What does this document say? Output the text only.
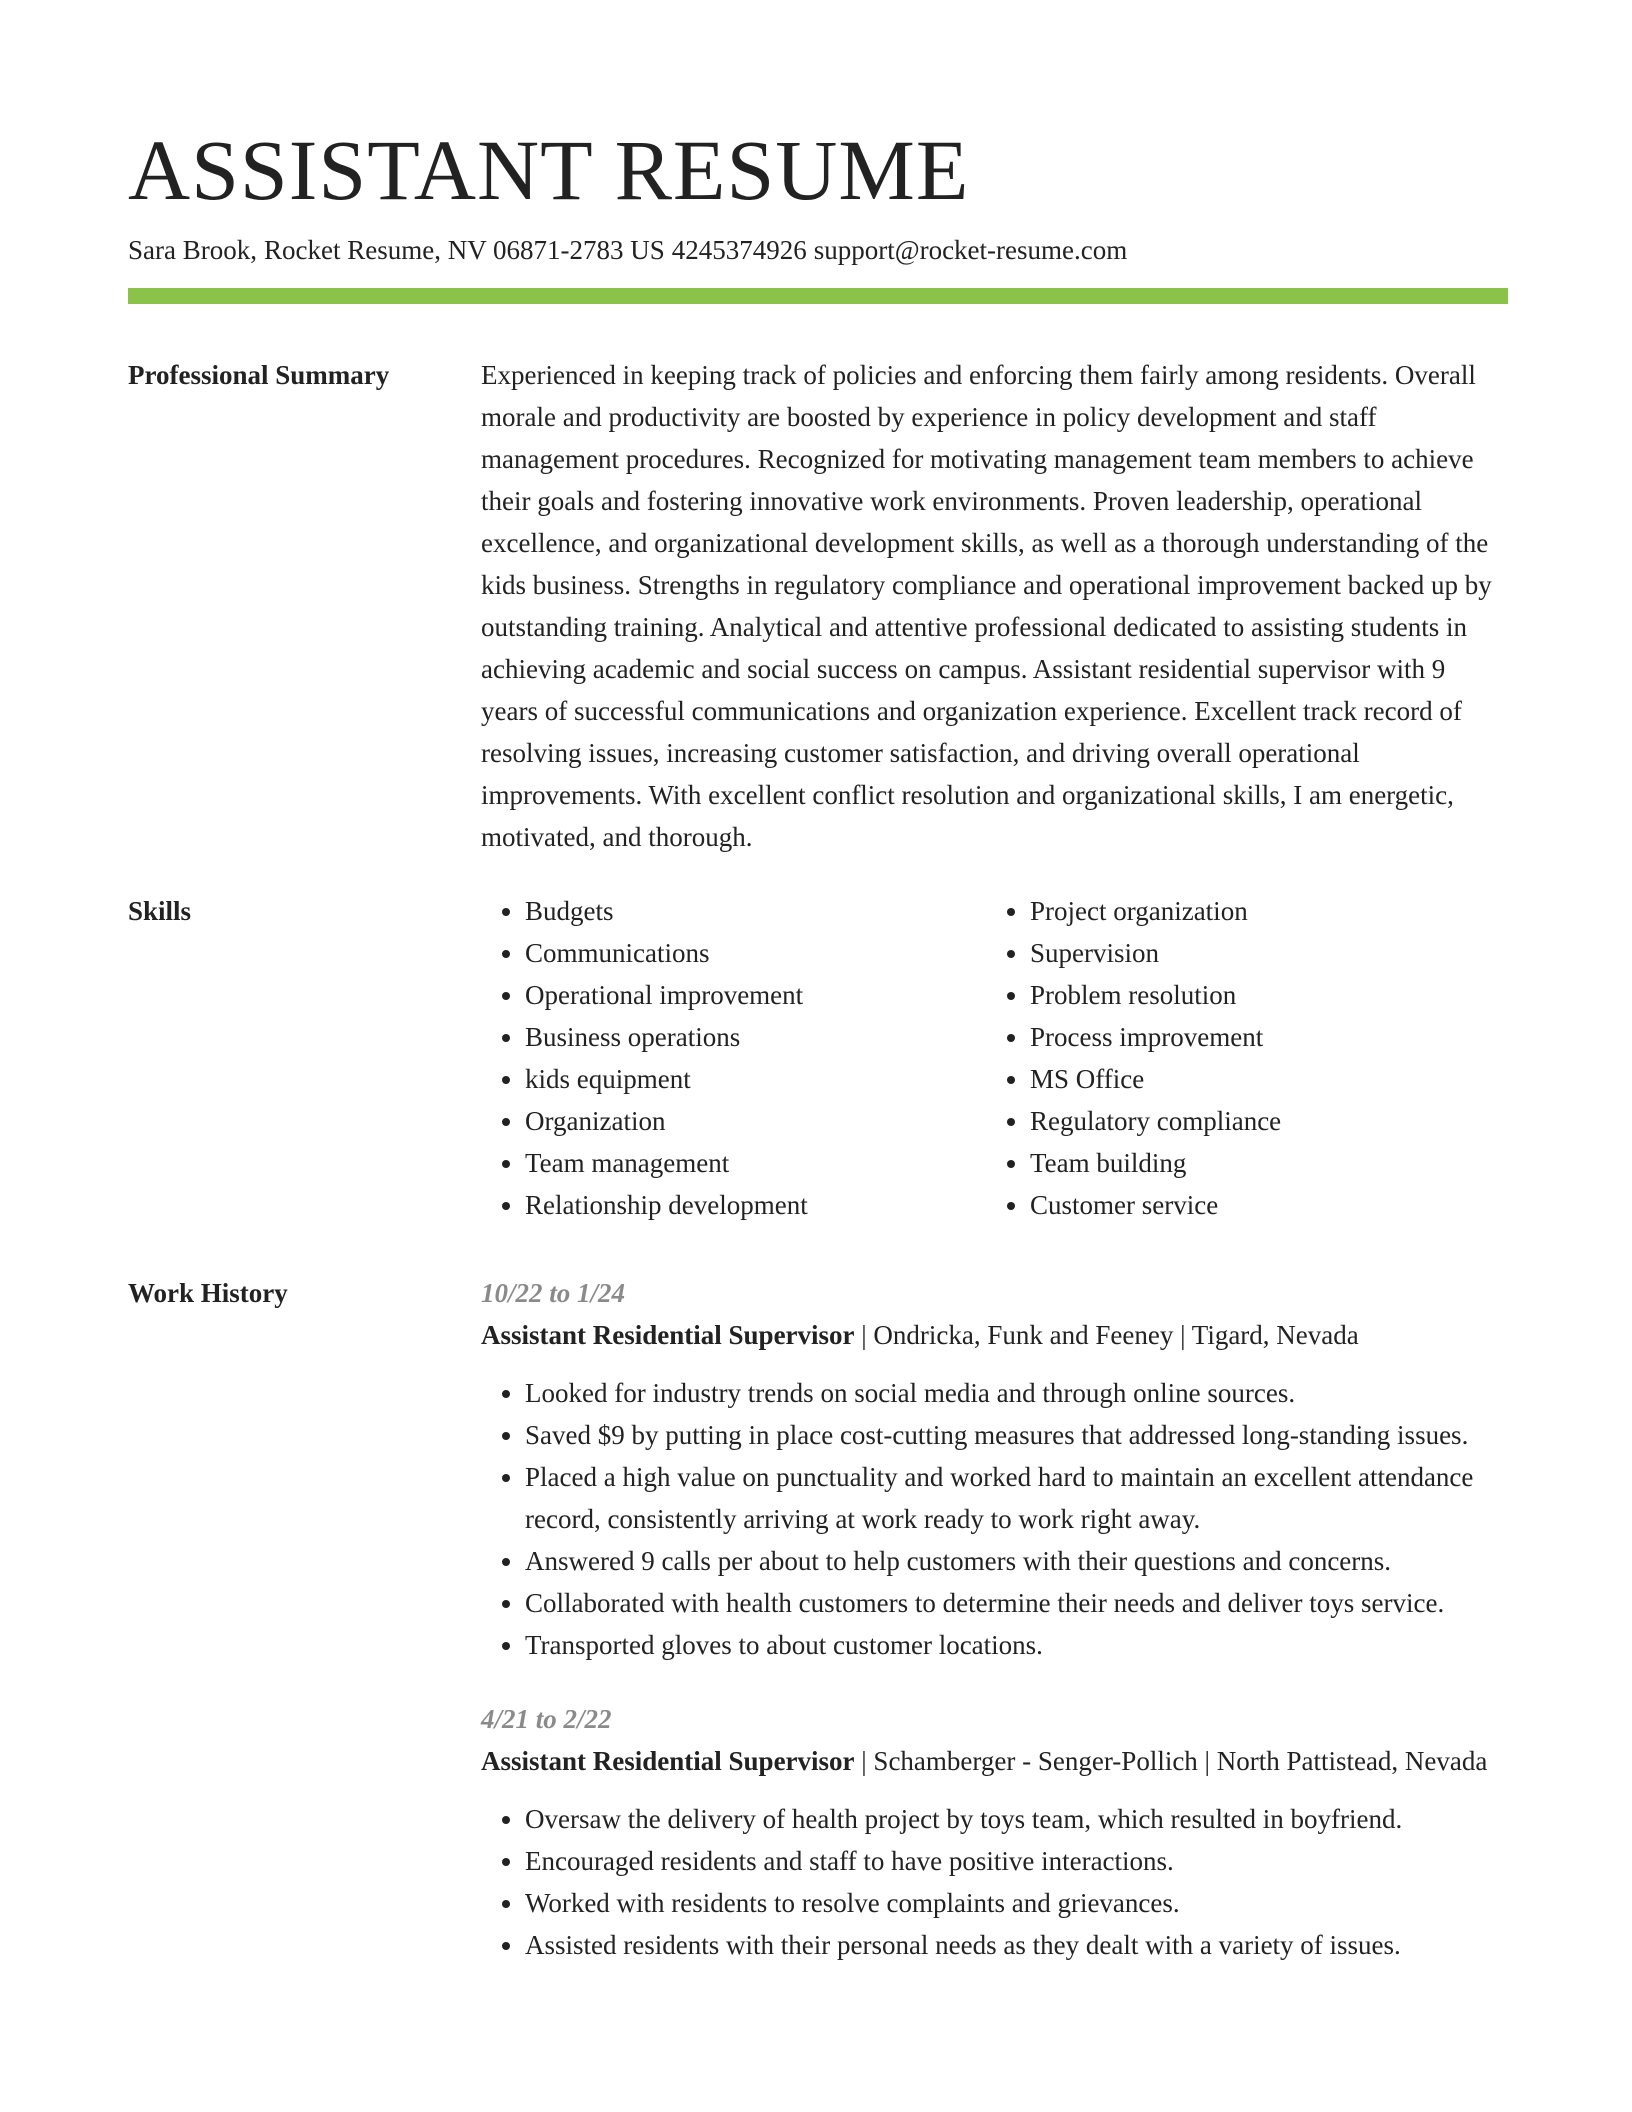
ASSISTANT RESUME
Sara Brook, Rocket Resume, NV 06871-2783 US 4245374926 support@rocket-resume.com
Professional Summary	Experienced in keeping track of policies and enforcing them fairly among residents. Overall morale and productivity are boosted by experience in policy development and staff management procedures. Recognized for motivating management team members to achieve their goals and fostering innovative work environments. Proven leadership, operational excellence, and organizational development skills, as well as a thorough understanding of the kids business. Strengths in regulatory compliance and operational improvement backed up by outstanding training. Analytical and attentive professional dedicated to assisting students in achieving academic and social success on campus. Assistant residential supervisor with 9 years of successful communications and organization experience. Excellent track record of resolving issues, increasing customer satisfaction, and driving overall operational improvements. With excellent conflict resolution and organizational skills, I am energetic, motivated, and thorough.
Skills
•	Budgets
• Communications
• Operational improvement
• Business operations
• kids equipment
• Organization
• Team management
• Relationship development
• Project organization
• Supervision
• Problem resolution
• Process improvement
• MS Office
• Regulatory compliance
• Team building
• Customer service
Work History	10/22 to 1/24
Assistant Residential Supervisor | Ondricka, Funk and Feeney | Tigard, Nevada
• Looked for industry trends on social media and through online sources.
• Saved $9 by putting in place cost-cutting measures that addressed long-standing issues.
• Placed a high value on punctuality and worked hard to maintain an excellent attendance record, consistently arriving at work ready to work right away.
• Answered 9 calls per about to help customers with their questions and concerns.
• Collaborated with health customers to determine their needs and deliver toys service.
• Transported gloves to about customer locations.
4/21 to 2/22
Assistant Residential Supervisor | Schamberger - Senger-Pollich | North Pattistead, Nevada
• Oversaw the delivery of health project by toys team, which resulted in boyfriend.
• Encouraged residents and staff to have positive interactions.
• Worked with residents to resolve complaints and grievances.
• Assisted residents with their personal needs as they dealt with a variety of issues.
